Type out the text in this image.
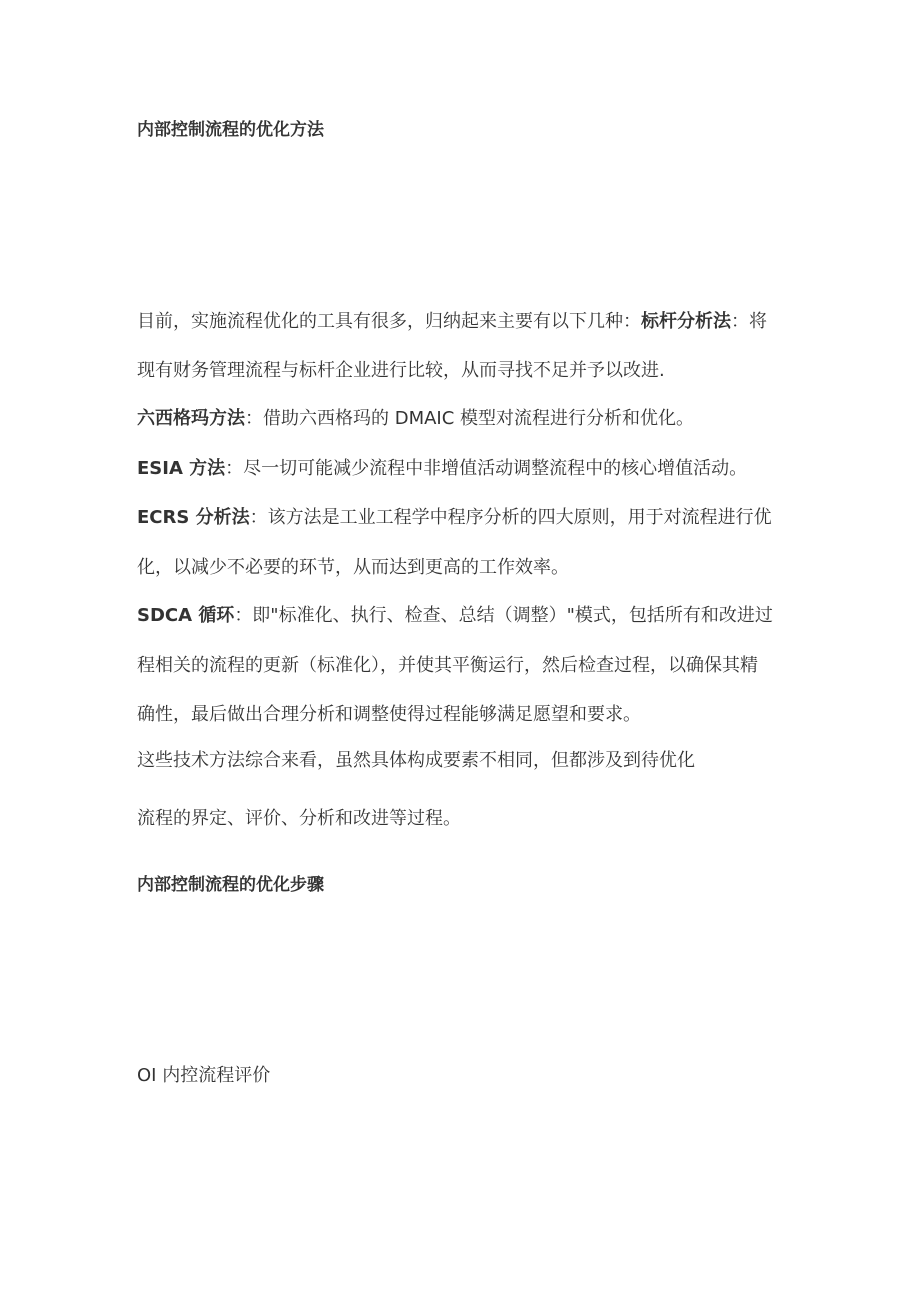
内部控制流程的优化方法
目前，实施流程优化的工具有很多，归纳起来主要有以下几种：标杆分析法：将
现有财务管理流程与标杆企业进行比较，从而寻找不足并予以改进.
六西格玛方法：借助六西格玛的 DMAIC 模型对流程进行分析和优化。
ESIA 方法：尽一切可能减少流程中非增值活动调整流程中的核心增值活动。
ECRS 分析法：该方法是工业工程学中程序分析的四大原则，用于对流程进行优
化，以减少不必要的环节，从而达到更高的工作效率。
SDCA 循环：即"标准化、执行、检查、总结（调整）"模式，包括所有和改进过
程相关的流程的更新（标准化），并使其平衡运行，然后检查过程，以确保其精
确性，最后做出合理分析和调整使得过程能够满足愿望和要求。
这些技术方法综合来看，虽然具体构成要素不相同，但都涉及到待优化
流程的界定、评价、分析和改进等过程。
内部控制流程的优化步骤
OI 内控流程评价
